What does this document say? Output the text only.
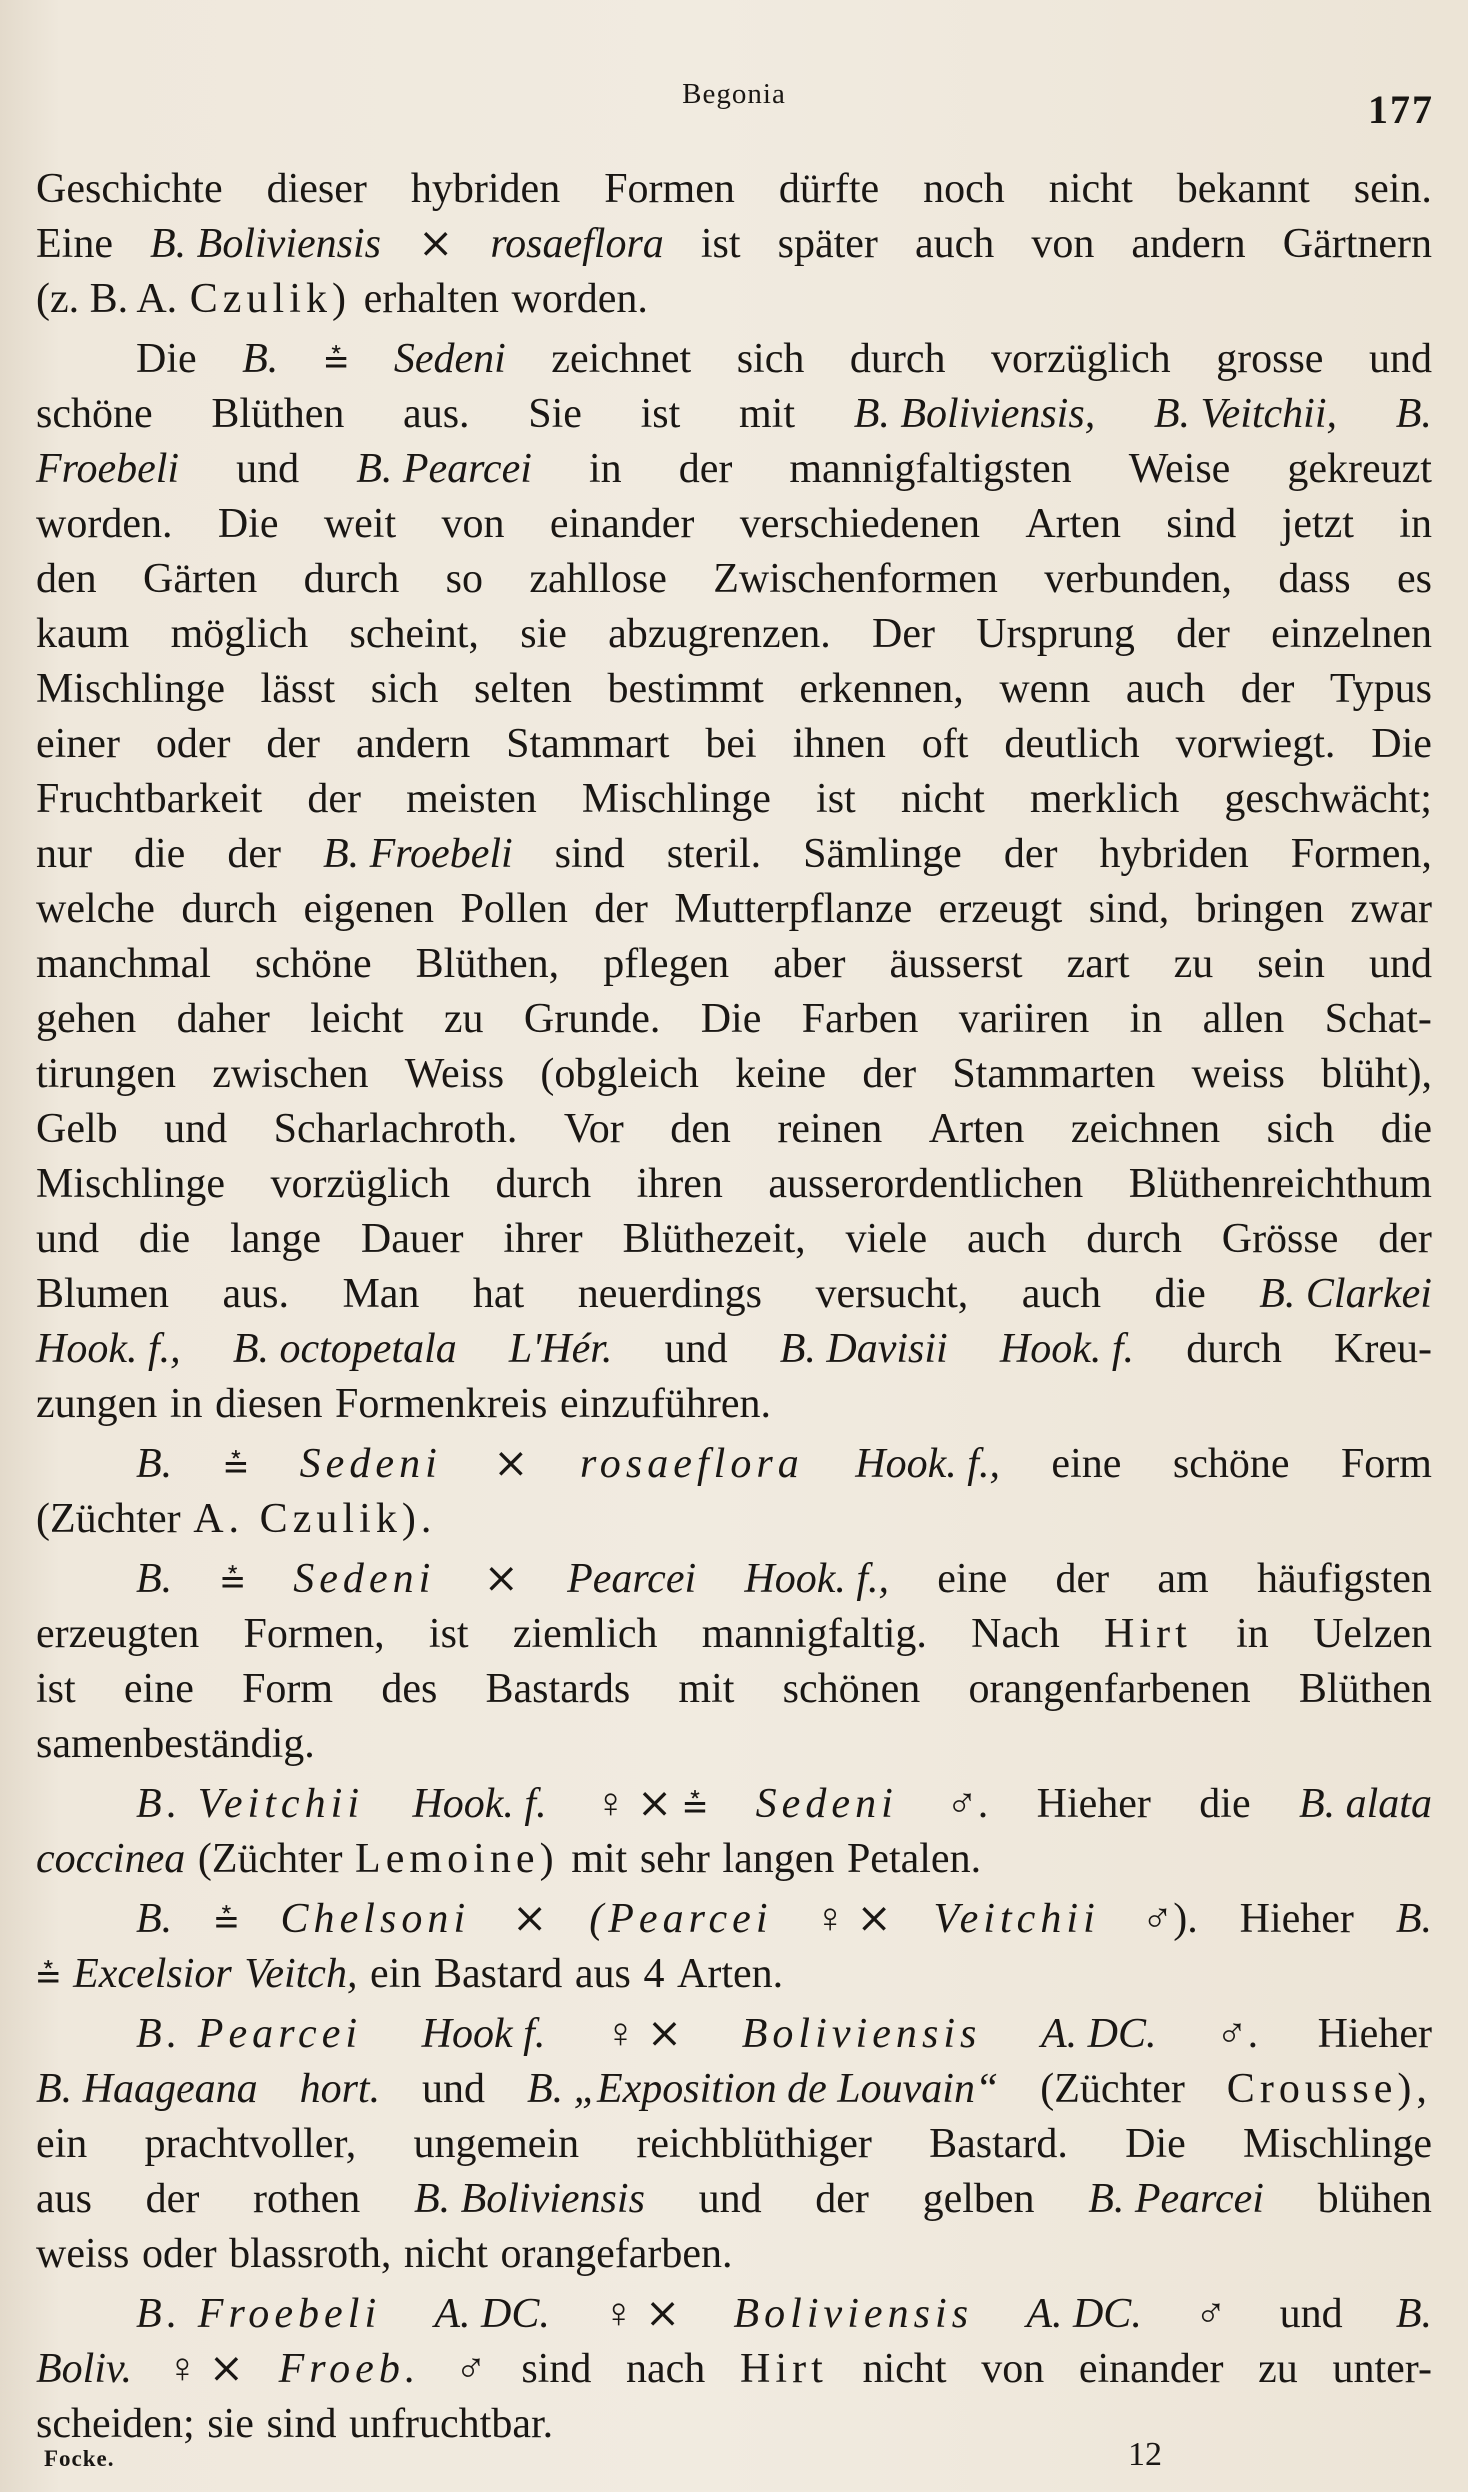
Begonia	177
Geschichte dieser hybriden Formen dürfte noch nicht bekannt sein.
Eine B. Boliviensis ⨯ rosaeflora ist später auch von andern Gärtnern
(z. B. A. Czulik) erhalten worden.
Die B. ⩮ Sedeni zeichnet sich durch vorzüglich grosse und
schöne Blüthen aus. Sie ist mit B. Boliviensis, B. Veitchii, B.
Froebeli und B. Pearcei in der mannigfaltigsten Weise gekreuzt
worden. Die weit von einander verschiedenen Arten sind jetzt in
den Gärten durch so zahllose Zwischenformen verbunden, dass es
kaum möglich scheint, sie abzugrenzen. Der Ursprung der einzelnen
Mischlinge lässt sich selten bestimmt erkennen, wenn auch der Typus
einer oder der andern Stammart bei ihnen oft deutlich vorwiegt. Die
Fruchtbarkeit der meisten Mischlinge ist nicht merklich geschwächt;
nur die der B. Froebeli sind steril. Sämlinge der hybriden Formen,
welche durch eigenen Pollen der Mutterpflanze erzeugt sind, bringen zwar
manchmal schöne Blüthen, pflegen aber äusserst zart zu sein und
gehen daher leicht zu Grunde. Die Farben variiren in allen Schat-
tirungen zwischen Weiss (obgleich keine der Stammarten weiss blüht),
Gelb und Scharlachroth. Vor den reinen Arten zeichnen sich die
Mischlinge vorzüglich durch ihren ausserordentlichen Blüthenreichthum
und die lange Dauer ihrer Blüthezeit, viele auch durch Grösse der
Blumen aus. Man hat neuerdings versucht, auch die B. Clarkei
Hook. f., B. octopetala L'Hér. und B. Davisii Hook. f. durch Kreu-
zungen in diesen Formenkreis einzuführen.
B. ⩮ Sedeni ⨯ rosaeflora Hook. f., eine schöne Form
(Züchter A. Czulik).
B. ⩮ Sedeni ⨯ Pearcei Hook. f., eine der am häufigsten
erzeugten Formen, ist ziemlich mannigfaltig. Nach Hirt in Uelzen
ist eine Form des Bastards mit schönen orangenfarbenen Blüthen
samenbeständig.
B. Veitchii Hook. f. ♀ ⨯ ⩮ Sedeni ♂. Hieher die B. alata
coccinea (Züchter Lemoine) mit sehr langen Petalen.
B. ⩮ Chelsoni ⨯ (Pearcei ♀ ⨯ Veitchii ♂). Hieher B.
⩮ Excelsior Veitch, ein Bastard aus 4 Arten.
B. Pearcei Hook f. ♀ ⨯ Boliviensis A. DC. ♂. Hieher
B. Haageana hort. und B. „Exposition de Louvain“ (Züchter Crousse),
ein prachtvoller, ungemein reichblüthiger Bastard. Die Mischlinge
aus der rothen B. Boliviensis und der gelben B. Pearcei blühen
weiss oder blassroth, nicht orangefarben.
B. Froebeli A. DC. ♀ ⨯ Boliviensis A. DC. ♂ und B.
Boliv. ♀ ⨯ Froeb. ♂ sind nach Hirt nicht von einander zu unter-
scheiden; sie sind unfruchtbar.
Focke.	12
